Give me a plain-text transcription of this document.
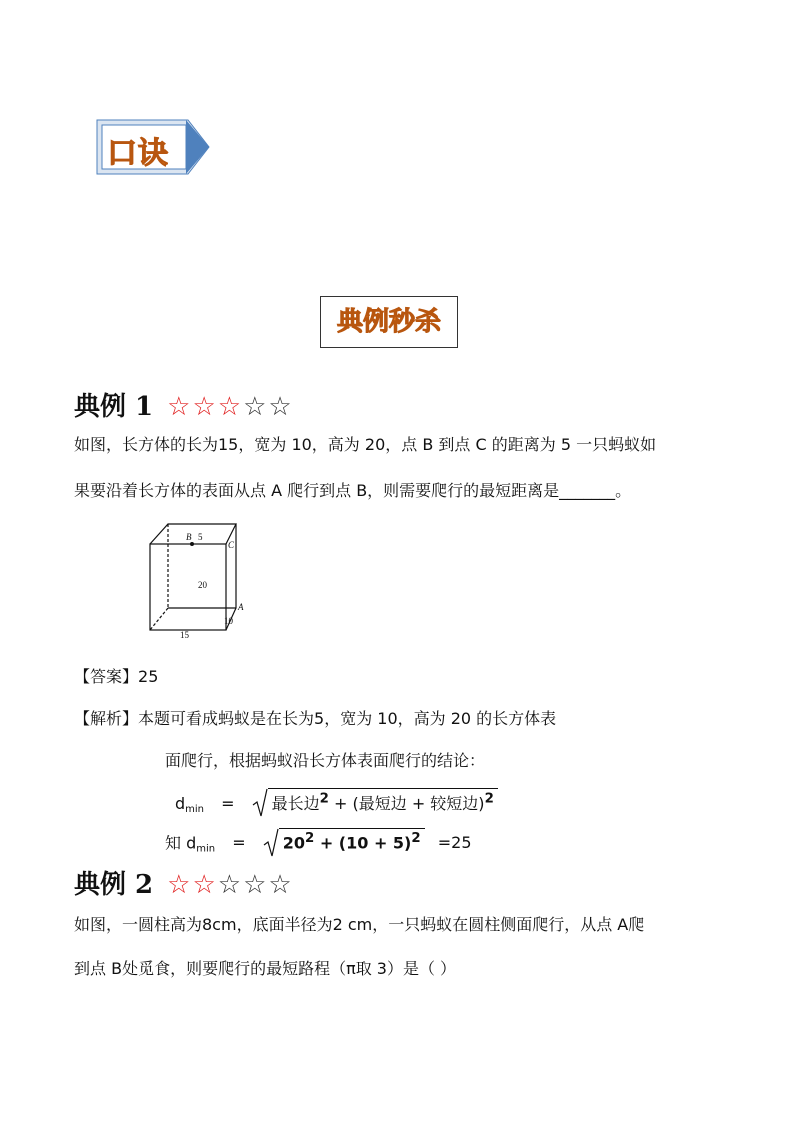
口诀
典例秒杀
典例 1 ☆☆☆☆☆
如图，长方体的长为15，宽为 10，高为 20，点 B 到点 C 的距离为 5 一只蚂蚁如
果要沿着长方体的表面从点 A 爬行到点 B，则需要爬行的最短距离是_______。
B 5
C
20
A
15
10
【答案】25
【解析】本题可看成蚂蚁是在长为5，宽为 10，高为 20 的长方体表
面爬行，根据蚂蚁沿长方体表面爬行的结论：
$d_{min}$ = 最长边$^2$ + (最短边 + 较短边)$^2$
知 $d_{min} = 20^2 + (10 + 5)^2 =25$
典例 2 ☆☆☆☆☆
如图，一圆柱高为8cm，底面半径为2 cm，一只蚂蚁在圆柱侧面爬行，从点 A爬
到点 B处觅食，则要爬行的最短路程（π取 3）是（ ）
